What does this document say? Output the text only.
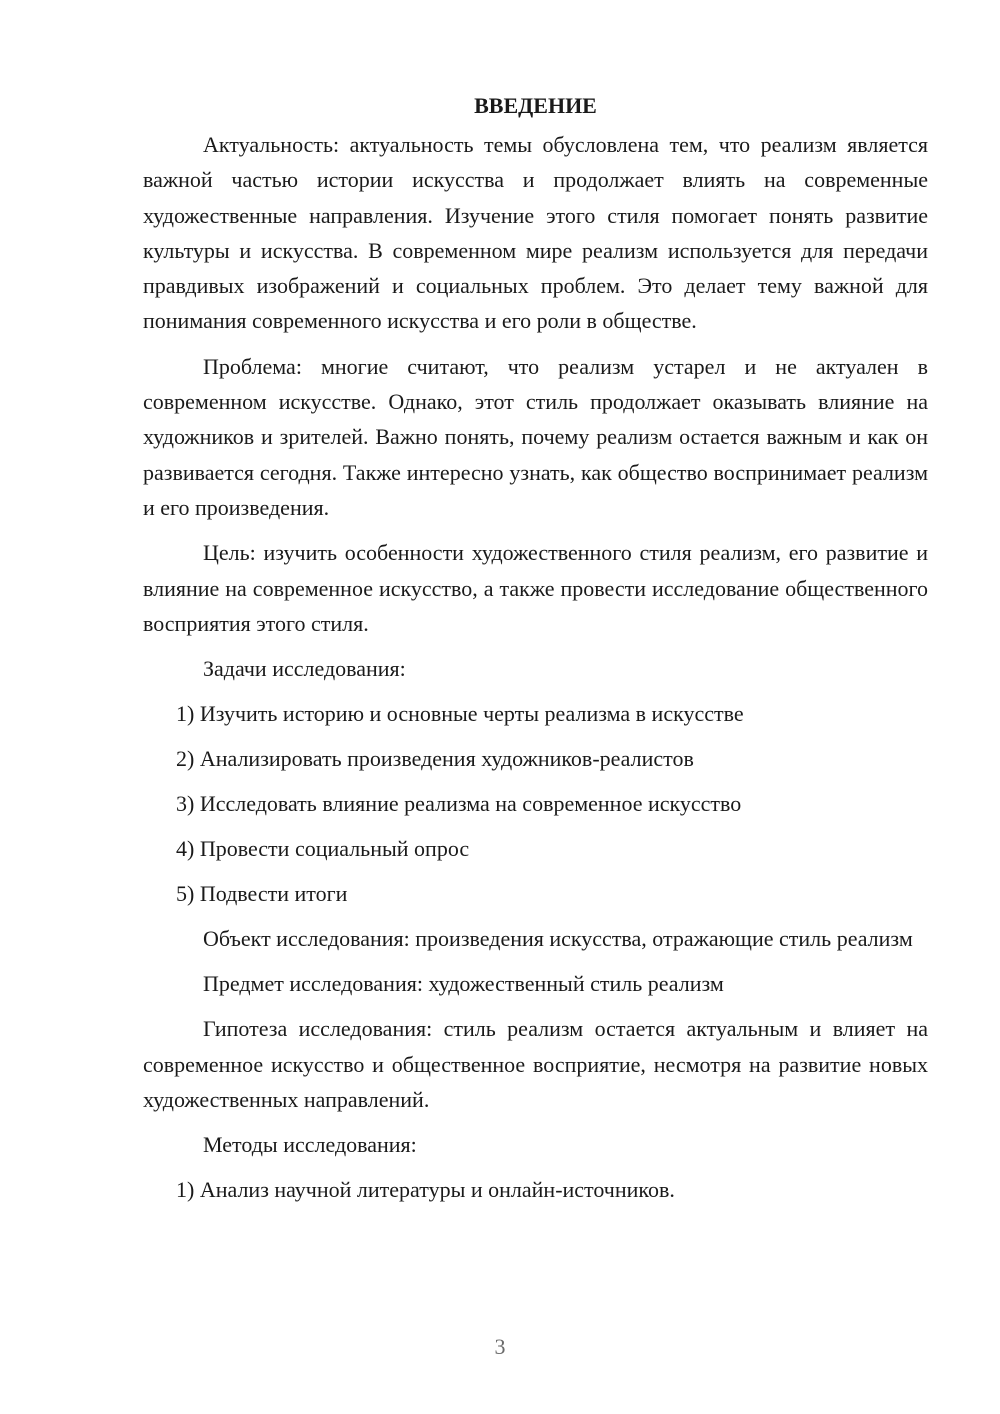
ВВЕДЕНИЕ

Актуальность: актуальность темы обусловлена тем, что реализм является важной частью истории искусства и продолжает влиять на современные художественные направления. Изучение этого стиля помогает понять развитие культуры и искусства. В современном мире реализм используется для передачи правдивых изображений и социальных проблем. Это делает тему важной для понимания современного искусства и его роли в обществе.

Проблема: многие считают, что реализм устарел и не актуален в современном искусстве. Однако, этот стиль продолжает оказывать влияние на художников и зрителей. Важно понять, почему реализм остается важным и как он развивается сегодня. Также интересно узнать, как общество воспринимает реализм и его произведения.

Цель: изучить особенности художественного стиля реализм, его развитие и влияние на современное искусство, а также провести исследование общественного восприятия этого стиля.

Задачи исследования:
1) Изучить историю и основные черты реализма в искусстве
2) Анализировать произведения художников-реалистов
3) Исследовать влияние реализма на современное искусство
4) Провести социальный опрос
5) Подвести итоги

Объект исследования: произведения искусства, отражающие стиль реализм

Предмет исследования: художественный стиль реализм

Гипотеза исследования: стиль реализм остается актуальным и влияет на современное искусство и общественное восприятие, несмотря на развитие новых художественных направлений.

Методы исследования:
1) Анализ научной литературы и онлайн-источников.
3
